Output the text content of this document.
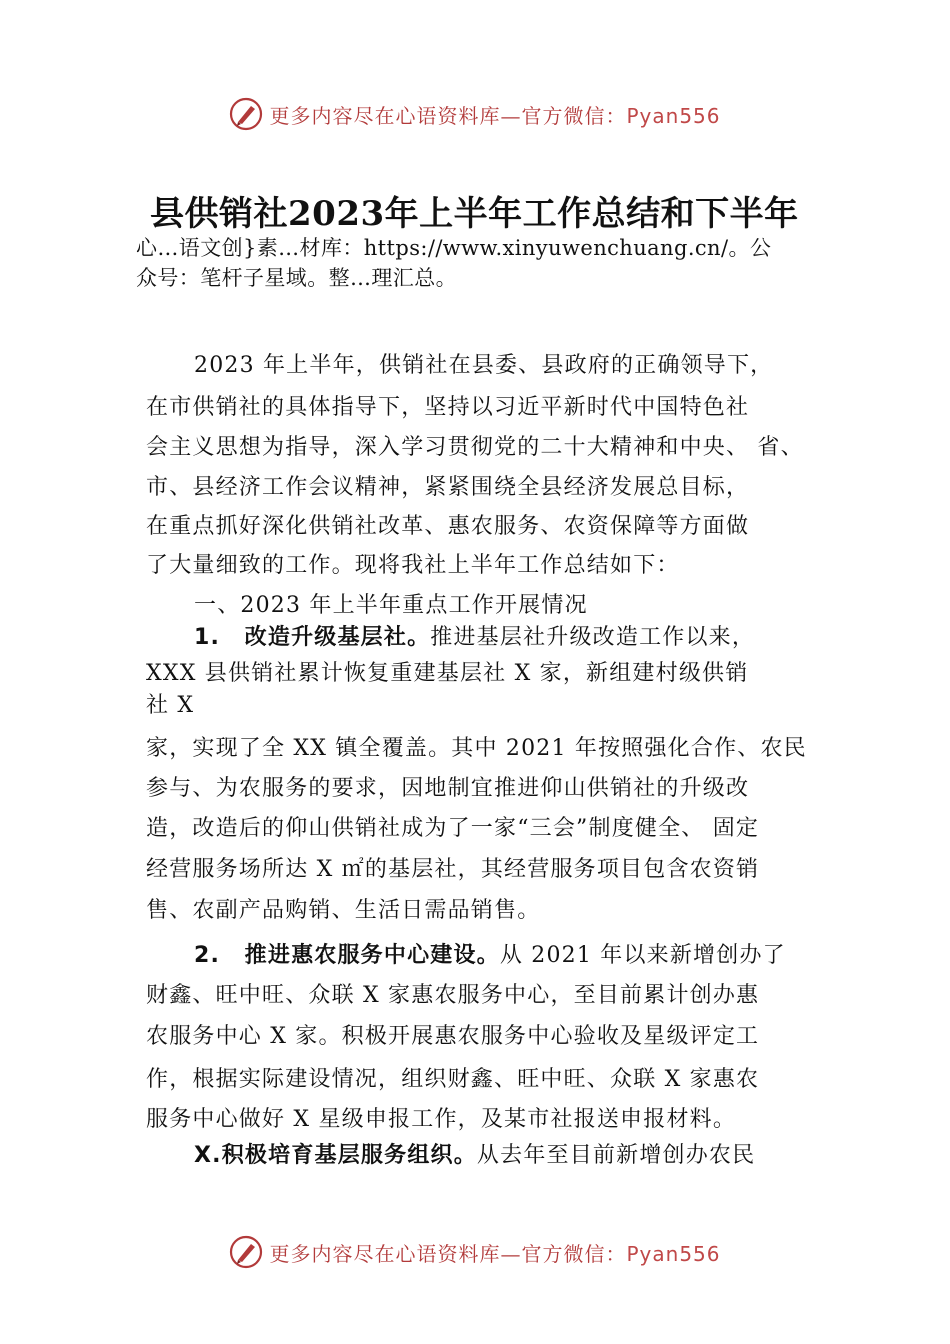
更多内容尽在心语资料库—官方微信：Pyan556
县供销社2023年上半年工作总结和下半年
心…语文创}素…材库：https://www.xinyuwenchuang.cn/。公
众号：笔杆子星域。整…理汇总。
2023 年上半年，供销社在县委、县政府的正确领导下，
在市供销社的具体指导下，坚持以习近平新时代中国特色社
会主义思想为指导，深入学习贯彻党的二十大精神和中央、 省、
市、县经济工作会议精神，紧紧围绕全县经济发展总目标，
在重点抓好深化供销社改革、惠农服务、农资保障等方面做
了大量细致的工作。现将我社上半年工作总结如下：
一、2023 年上半年重点工作开展情况
1. 改造升级基层社。推进基层社升级改造工作以来，
XXX 县供销社累计恢复重建基层社 X 家，新组建村级供销
社 X
家，实现了全 XX 镇全覆盖。其中 2021 年按照强化合作、农民
参与、为农服务的要求，因地制宜推进仰山供销社的升级改
造，改造后的仰山供销社成为了一家“三会”制度健全、 固定
经营服务场所达 X ㎡的基层社，其经营服务项目包含农资销
售、农副产品购销、生活日需品销售。
2. 推进惠农服务中心建设。从 2021 年以来新增创办了
财鑫、旺中旺、众联 X 家惠农服务中心，至目前累计创办惠
农服务中心 X 家。积极开展惠农服务中心验收及星级评定工
作，根据实际建设情况，组织财鑫、旺中旺、众联 X 家惠农
服务中心做好 X 星级申报工作，及某市社报送申报材料。
X.积极培育基层服务组织。从去年至目前新增创办农民
更多内容尽在心语资料库—官方微信：Pyan556
